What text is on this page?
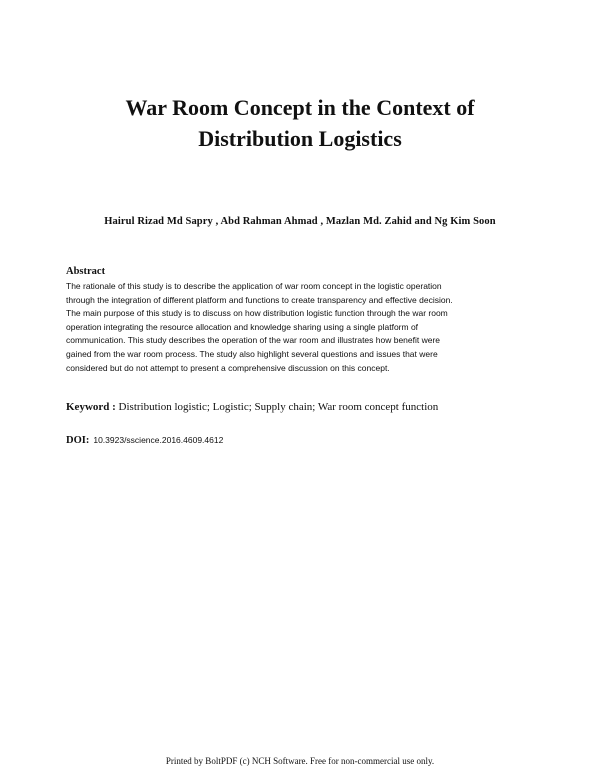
War Room Concept in the Context of
Distribution Logistics
Hairul Rizad Md Sapry , Abd Rahman Ahmad , Mazlan Md. Zahid and Ng Kim Soon
Abstract
The rationale of this study is to describe the application of war room concept in the logistic operation
through the integration of different platform and functions to create transparency and effective decision.
The main purpose of this study is to discuss on how distribution logistic function through the war room
operation integrating the resource allocation and knowledge sharing using a single platform of
communication. This study describes the operation of the war room and illustrates how benefit were
gained from the war room process. The study also highlight several questions and issues that were
considered but do not attempt to present a comprehensive discussion on this concept.
Keyword : Distribution logistic; Logistic; Supply chain; War room concept function
DOI: 10.3923/sscience.2016.4609.4612
Printed by BoltPDF (c) NCH Software. Free for non-commercial use only.
